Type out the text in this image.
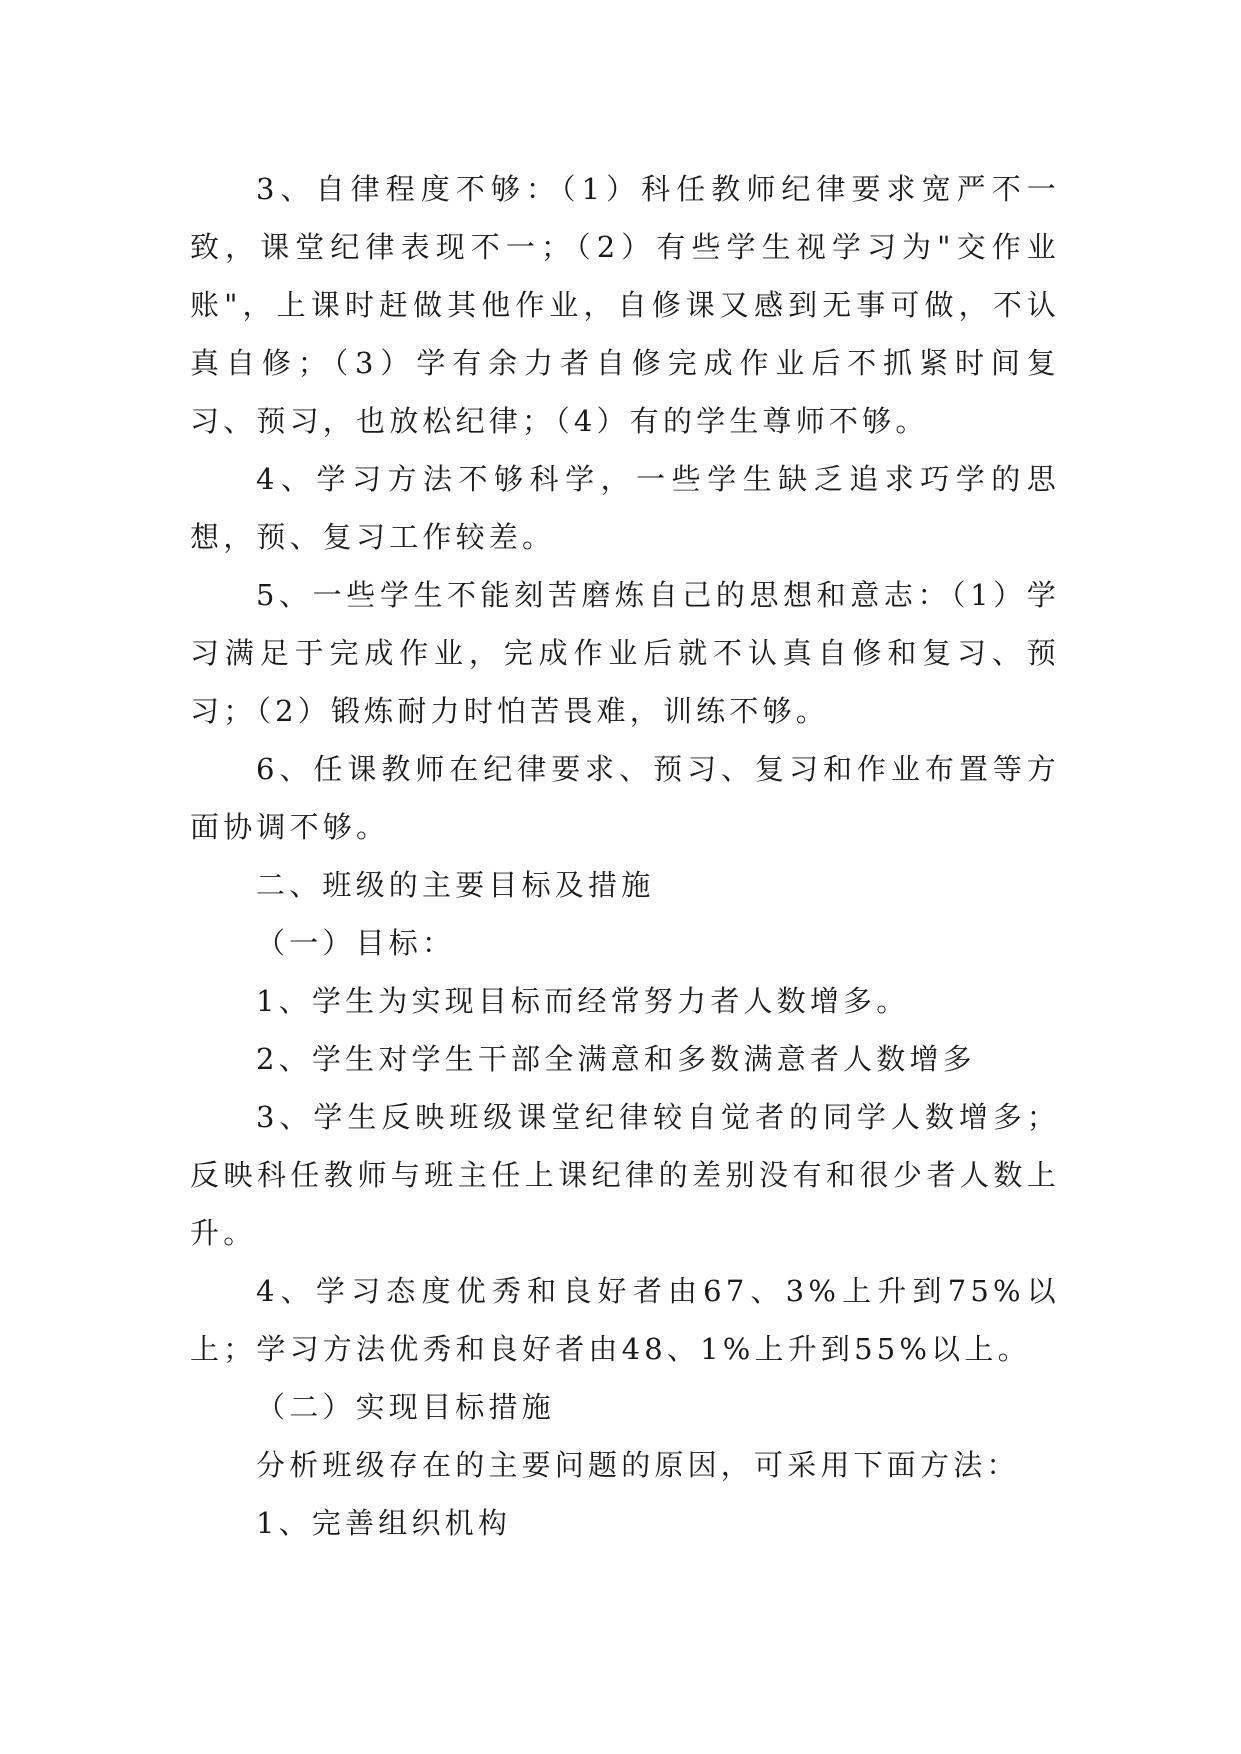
3、自律程度不够：（1）科任教师纪律要求宽严不一致，课堂纪律表现不一；（2）有些学生视学习为"交作业账"，上课时赶做其他作业，自修课又感到无事可做，不认真自修；（3）学有余力者自修完成作业后不抓紧时间复习、预习，也放松纪律；（4）有的学生尊师不够。

4、学习方法不够科学，一些学生缺乏追求巧学的思想，预、复习工作较差。

5、一些学生不能刻苦磨炼自己的思想和意志：（1）学习满足于完成作业，完成作业后就不认真自修和复习、预习；（2）锻炼耐力时怕苦畏难，训练不够。

6、任课教师在纪律要求、预习、复习和作业布置等方面协调不够。

二、班级的主要目标及措施

（一）目标：

1、学生为实现目标而经常努力者人数增多。

2、学生对学生干部全满意和多数满意者人数增多

3、学生反映班级课堂纪律较自觉者的同学人数增多；反映科任教师与班主任上课纪律的差别没有和很少者人数上升。

4、学习态度优秀和良好者由67、3%上升到75%以上；学习方法优秀和良好者由48、1%上升到55%以上。

（二）实现目标措施

分析班级存在的主要问题的原因，可采用下面方法：

1、完善组织机构
